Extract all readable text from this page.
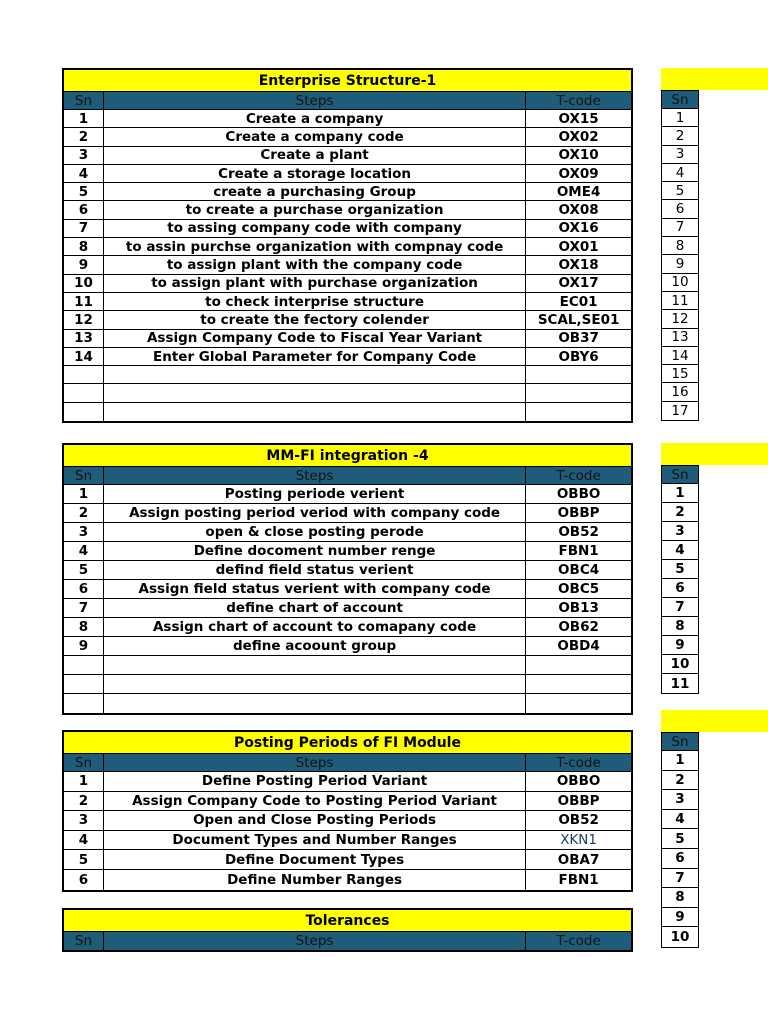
Enterprise Structure-1
Sn	Steps	T-code
1	Create a company	OX15
2	Create a company code	OX02
3	Create a plant	OX10
4	Create a storage location	OX09
5	create a purchasing Group	OME4
6	to create a purchase organization	OX08
7	to assing company code with company	OX16
8	to assin purchse organization with compnay code	OX01
9	to assign plant with the company code	OX18
10	to assign plant with purchase organization	OX17
11	to check interprise structure	EC01
12	to create the fectory colender	SCAL,SE01
13	Assign Company Code to Fiscal Year Variant	OB37
14	Enter Global Parameter for Company Code	OBY6
MM-FI integration -4
Sn	Steps	T-code
1	Posting periode verient	OBBO
2	Assign posting period veriod with company code	OBBP
3	open & close posting perode	OB52
4	Define docoment number renge	FBN1
5	defind field status verient	OBC4
6	Assign field status verient with company code	OBC5
7	define chart of account	OB13
8	Assign chart of account to comapany code	OB62
9	define acoount group	OBD4
Posting Periods of FI Module
Sn	Steps	T-code
1	Define Posting Period Variant	OBBO
2	Assign Company Code to Posting Period Variant	OBBP
3	Open and Close Posting Periods	OB52
4	Document Types and Number Ranges	XKN1
5	Define Document Types	OBA7
6	Define Number Ranges	FBN1
Tolerances
Sn	Steps	T-code
Sn
1
2
3
4
5
6
7
8
9
10
11
12
13
14
15
16
17
Sn
1
2
3
4
5
6
7
8
9
10
11
Sn
1
2
3
4
5
6
7
8
9
10
